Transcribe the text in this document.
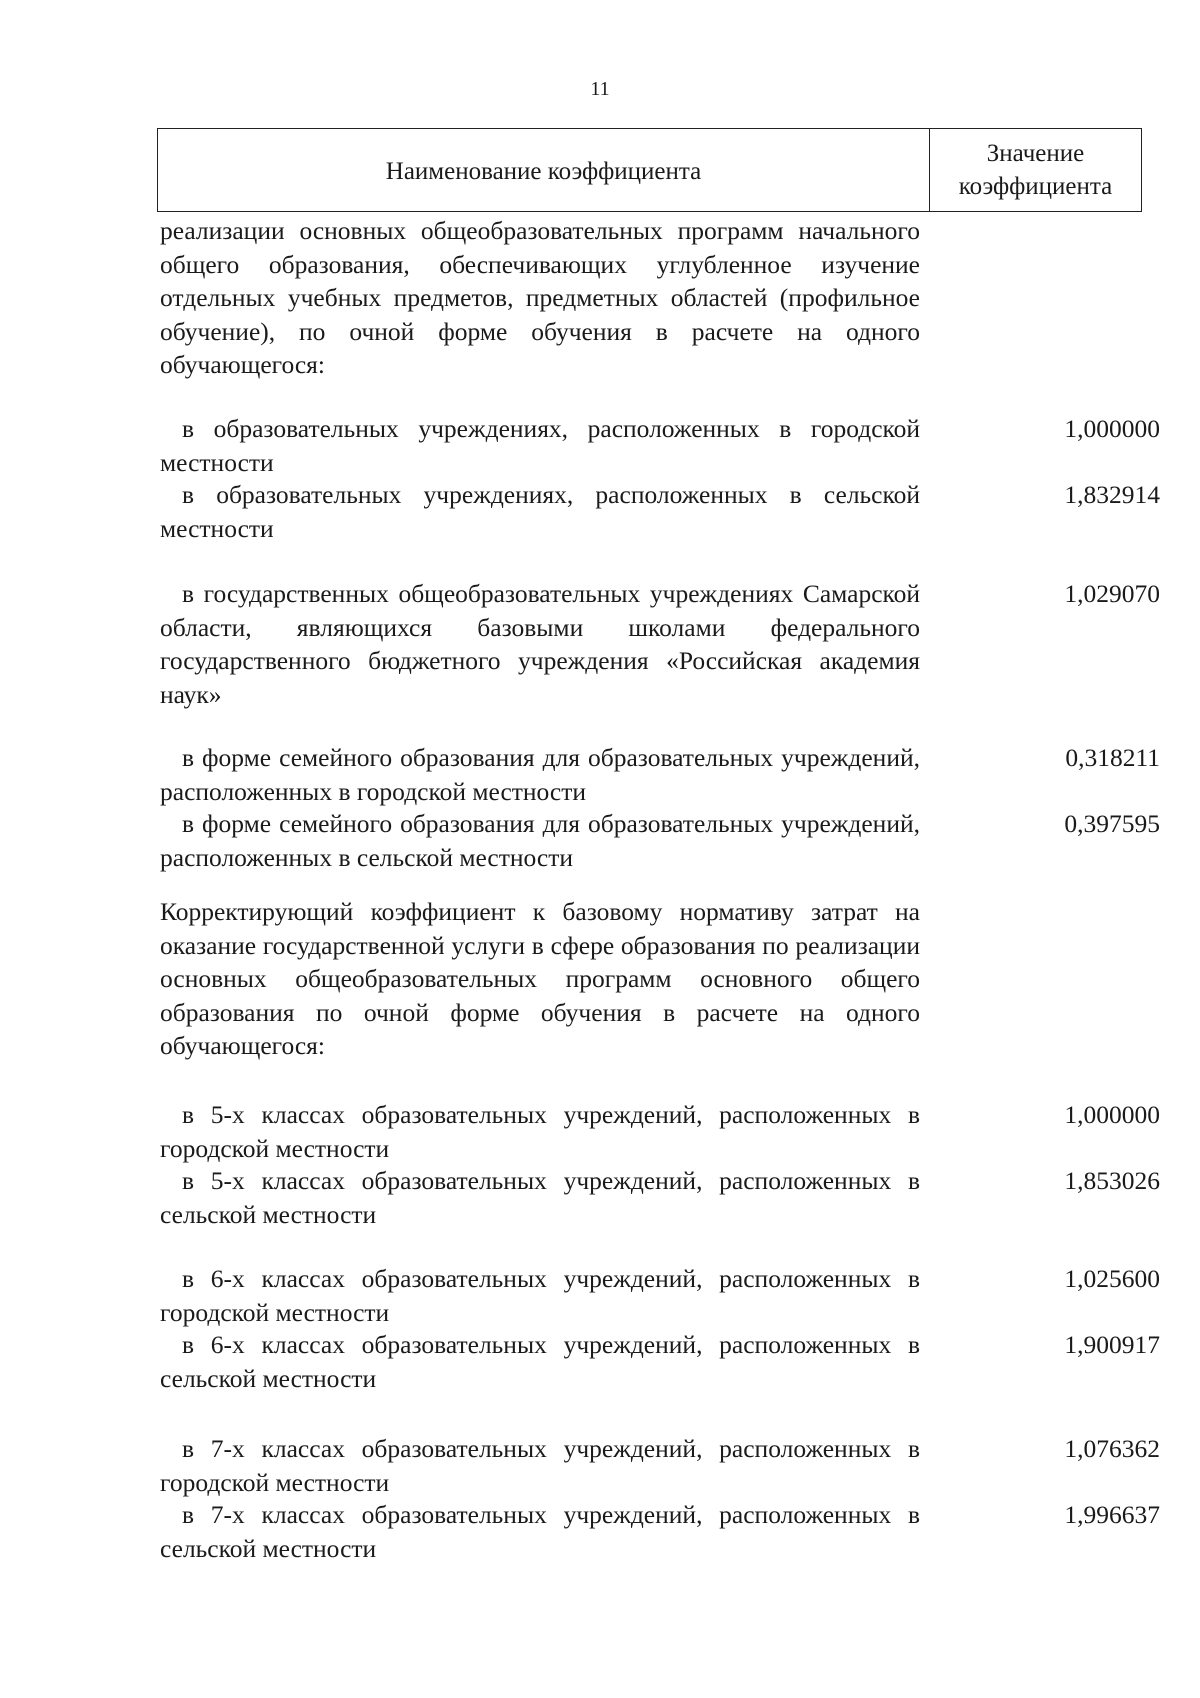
11
Наименование коэффициента
Значение коэффициента
реализации основных общеобразовательных программ начального общего образования, обеспечивающих углубленное изучение отдельных учебных предметов, предметных областей (профильное обучение), по очной форме обучения в расчете на одного обучающегося:
в образовательных учреждениях, расположенных в городской местности
1,000000
в образовательных учреждениях, расположенных в сельской местности
1,832914
в государственных общеобразовательных учреждениях Самарской области, являющихся базовыми школами федерального государственного бюджетного учреждения «Российская академия наук»
1,029070
в форме семейного образования для образовательных учреждений, расположенных в городской местности
0,318211
в форме семейного образования для образовательных учреждений, расположенных в сельской местности
0,397595
Корректирующий коэффициент к базовому нормативу затрат на оказание государственной услуги в сфере образования по реализации основных общеобразовательных программ основного общего образования по очной форме обучения в расчете на одного обучающегося:
в 5-х классах образовательных учреждений, расположенных в городской местности
1,000000
в 5-х классах образовательных учреждений, расположенных в сельской местности
1,853026
в 6-х классах образовательных учреждений, расположенных в городской местности
1,025600
в 6-х классах образовательных учреждений, расположенных в сельской местности
1,900917
в 7-х классах образовательных учреждений, расположенных в городской местности
1,076362
в 7-х классах образовательных учреждений, расположенных в сельской местности
1,996637
